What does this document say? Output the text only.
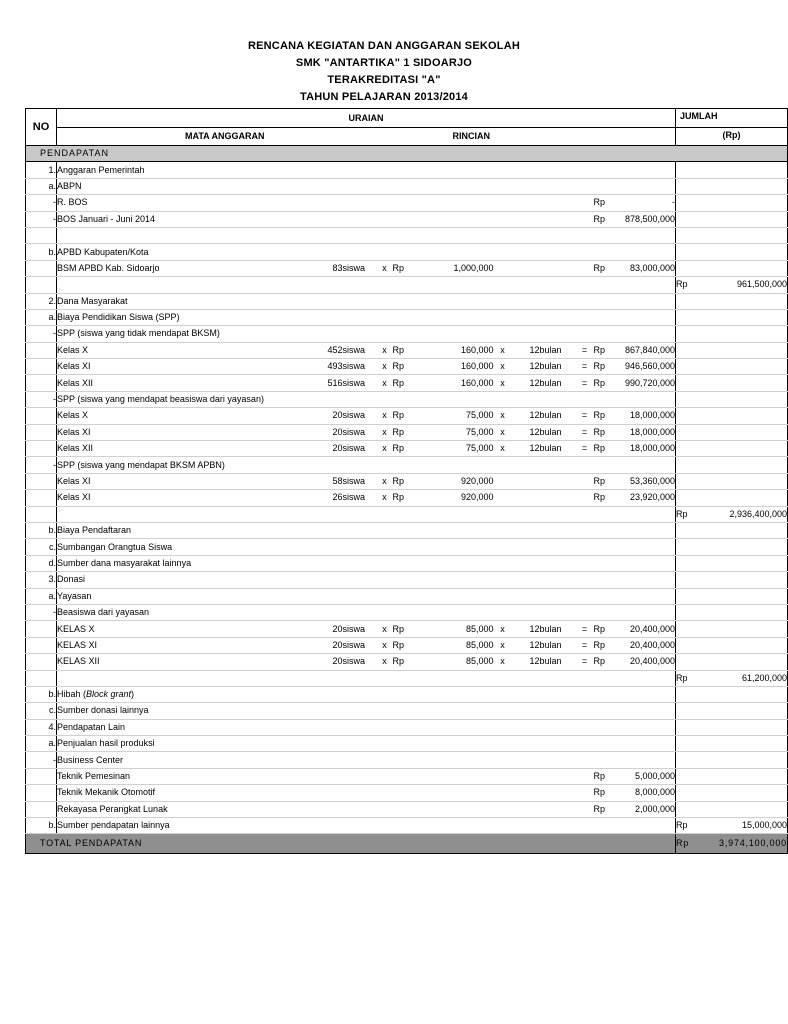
RENCANA KEGIATAN DAN ANGGARAN SEKOLAH
SMK "ANTARTIKA" 1 SIDOARJO
TERAKREDITASI "A"
TAHUN PELAJARAN 2013/2014
NO	URAIAN												JUMLAH	
	MATA ANGGARAN				RINCIAN								(Rp)	
PENDAPATAN														
1.	Anggaran Pemerintah													
a.	ABPN													
-	R. BOS										Rp	-		
-	BOS Januari - Juni 2014										Rp	878,500,000		

b.	APBD Kabupaten/Kota													
	BSM APBD Kab. Sidoarjo	83	siswa	x	Rp	1,000,000					Rp	83,000,000		
													Rp	961,500,000
2.	Dana Masyarakat													
a.	Biaya Pendidikan Siswa (SPP)													
-	SPP (siswa yang tidak mendapat BKSM)													
	Kelas X	452	siswa	x	Rp	160,000	x	12	bulan	=	Rp	867,840,000		
	Kelas XI	493	siswa	x	Rp	160,000	x	12	bulan	=	Rp	946,560,000		
	Kelas XII	516	siswa	x	Rp	160,000	x	12	bulan	=	Rp	990,720,000		
-	SPP (siswa yang mendapat beasiswa dari yayasan)													
	Kelas X	20	siswa	x	Rp	75,000	x	12	bulan	=	Rp	18,000,000		
	Kelas XI	20	siswa	x	Rp	75,000	x	12	bulan	=	Rp	18,000,000		
	Kelas XII	20	siswa	x	Rp	75,000	x	12	bulan	=	Rp	18,000,000		
-	SPP (siswa yang mendapat BKSM APBN)													
	Kelas XI	58	siswa	x	Rp	920,000					Rp	53,360,000		
	Kelas XI	26	siswa	x	Rp	920,000					Rp	23,920,000		
													Rp	2,936,400,000
b.	Biaya Pendaftaran													
c.	Sumbangan Orangtua Siswa													
d.	Sumber dana masyarakat lainnya													
3.	Donasi													
a.	Yayasan													
-	Beasiswa dari yayasan													
	KELAS X	20	siswa	x	Rp	85,000	x	12	bulan	=	Rp	20,400,000		
	KELAS XI	20	siswa	x	Rp	85,000	x	12	bulan	=	Rp	20,400,000		
	KELAS XII	20	siswa	x	Rp	85,000	x	12	bulan	=	Rp	20,400,000		
													Rp	61,200,000
b.	Hibah (Block grant)													
c.	Sumber donasi lainnya													
4.	Pendapatan Lain													
a.	Penjualan hasil produksi													
-	Business Center													
	Teknik Pemesinan										Rp	5,000,000		
	Teknik Mekanik Otomotif										Rp	8,000,000		
	Rekayasa Perangkat Lunak										Rp	2,000,000		
b.	Sumber pendapatan lainnya												Rp	15,000,000
TOTAL PENDAPATAN													Rp	3,974,100,000
